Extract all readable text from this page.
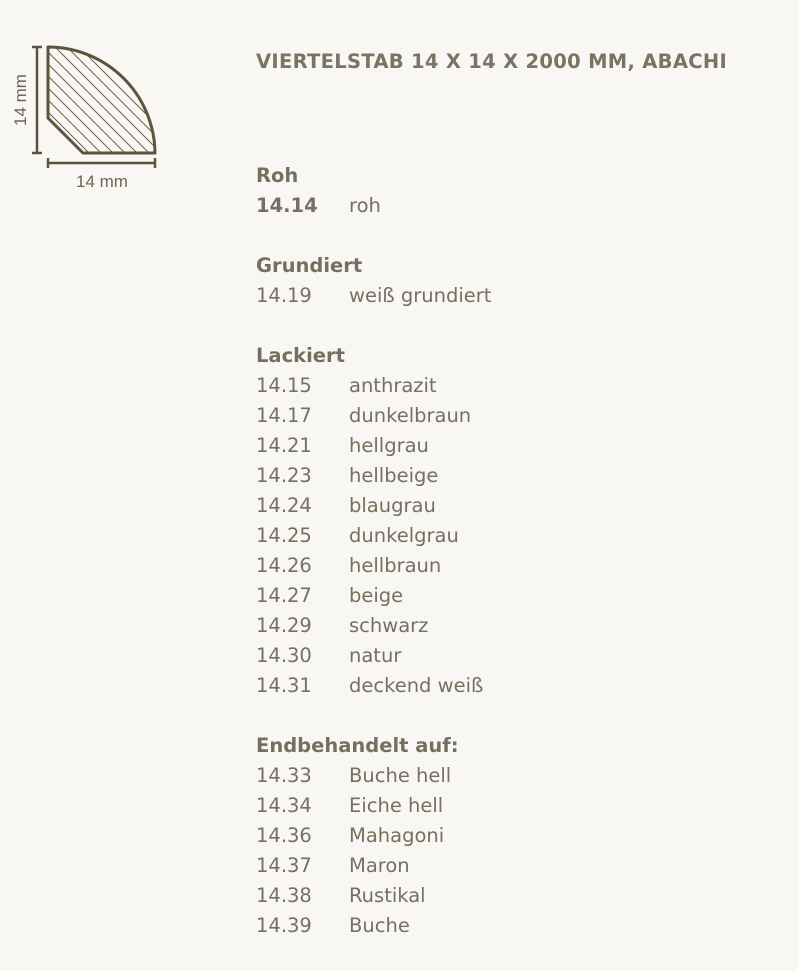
14 mm
14 mm
VIERTELSTAB 14 X 14 X 2000 MM, ABACHI
Roh
14.14	roh
Grundiert
14.19	weiß grundiert
Lackiert
14.15	anthrazit
14.17	dunkelbraun
14.21	hellgrau
14.23	hellbeige
14.24	blaugrau
14.25	dunkelgrau
14.26	hellbraun
14.27	beige
14.29	schwarz
14.30	natur
14.31	deckend weiß
Endbehandelt auf:
14.33	Buche hell
14.34	Eiche hell
14.36	Mahagoni
14.37	Maron
14.38	Rustikal
14.39	Buche
